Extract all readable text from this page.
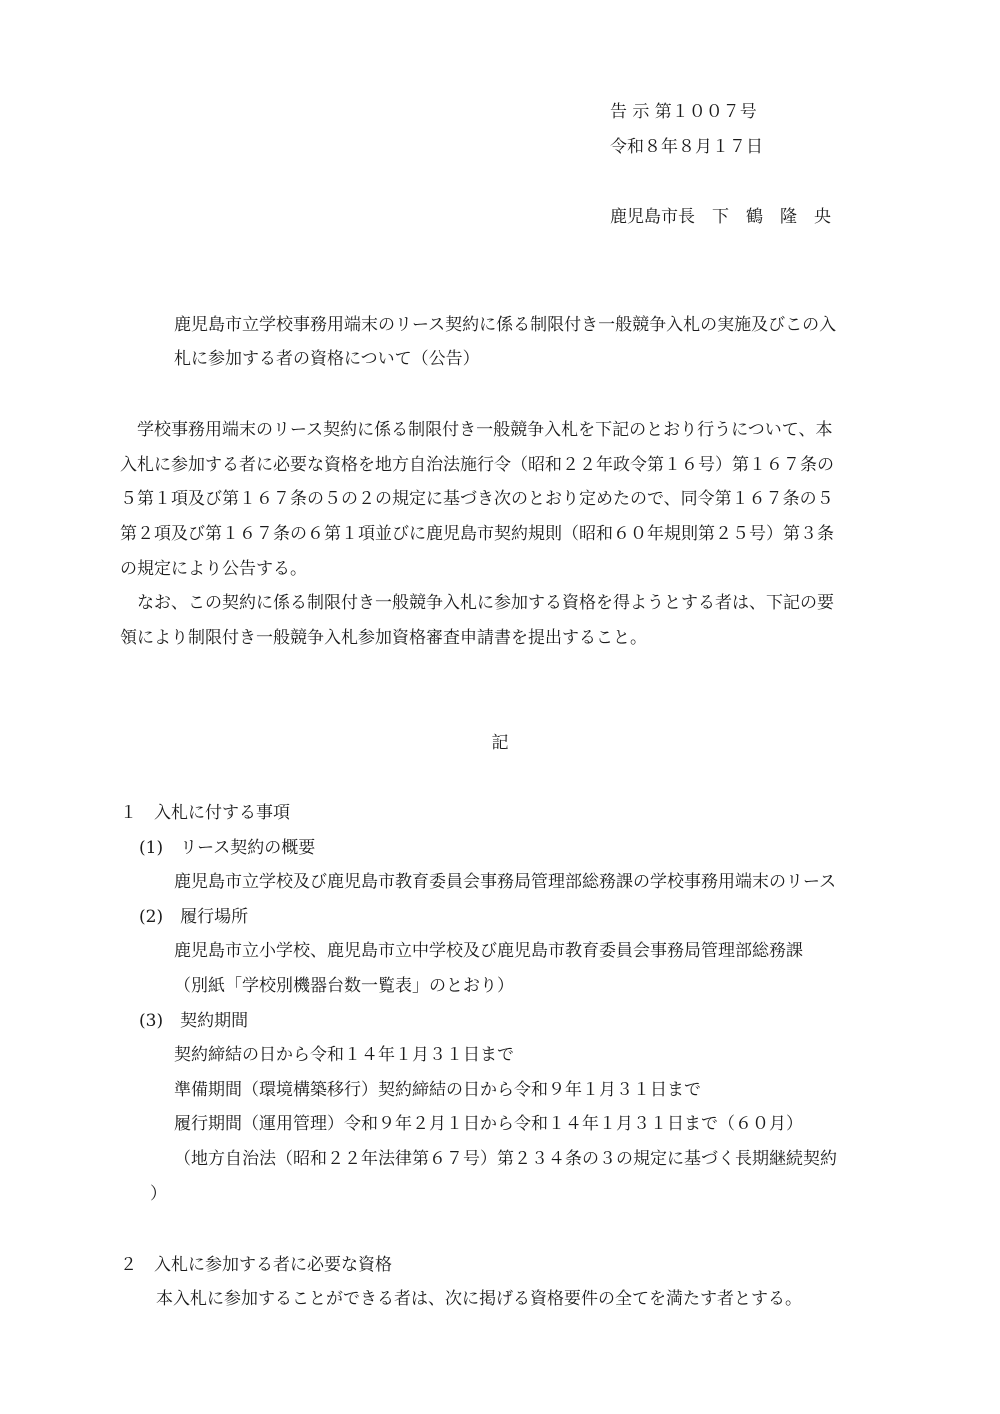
告 示 第１００７号
令和８年８月１７日
鹿児島市長　下　鶴　隆　央
鹿児島市立学校事務用端末のリース契約に係る制限付き一般競争入札の実施及びこの入
札に参加する者の資格について（公告）
　学校事務用端末のリース契約に係る制限付き一般競争入札を下記のとおり行うについて、本
入札に参加する者に必要な資格を地方自治法施行令（昭和２２年政令第１６号）第１６７条の
５第１項及び第１６７条の５の２の規定に基づき次のとおり定めたので、同令第１６７条の５
第２項及び第１６７条の６第１項並びに鹿児島市契約規則（昭和６０年規則第２５号）第３条
の規定により公告する。
　なお、この契約に係る制限付き一般競争入札に参加する資格を得ようとする者は、下記の要
領により制限付き一般競争入札参加資格審査申請書を提出すること。
記
１　入札に付する事項
(1)　リース契約の概要
鹿児島市立学校及び鹿児島市教育委員会事務局管理部総務課の学校事務用端末のリース
(2)　履行場所
鹿児島市立小学校、鹿児島市立中学校及び鹿児島市教育委員会事務局管理部総務課
（別紙「学校別機器台数一覧表」のとおり）
(3)　契約期間
契約締結の日から令和１４年１月３１日まで
準備期間（環境構築移行）契約締結の日から令和９年１月３１日まで
履行期間（運用管理）令和９年２月１日から令和１４年１月３１日まで（６０月）
（地方自治法（昭和２２年法律第６７号）第２３４条の３の規定に基づく長期継続契約
）
２　入札に参加する者に必要な資格
本入札に参加することができる者は、次に掲げる資格要件の全てを満たす者とする。
